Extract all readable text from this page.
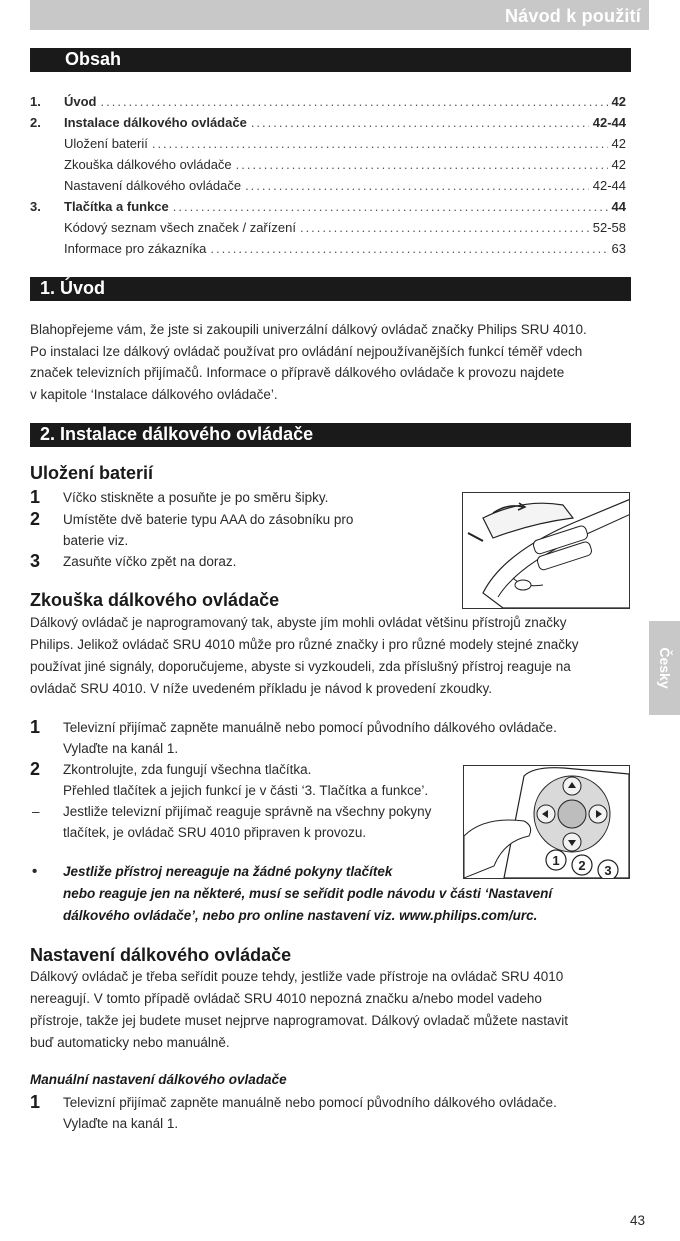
Návod k použití
Obsah
1.	Úvod .....	42
2.	Instalace dálkového ovládače .....	42-44
Uložení baterií .....	42
Zkouška dálkového ovládače .....	42
Nastavení dálkového ovládače .....	42-44
3.	Tlačítka a funkce .....	44
Kódový seznam všech značek / zařízení .....	52-58
Informace pro zákazníka .....	63
1. Úvod
Blahopřejeme vám, že jste si zakoupili univerzální dálkový ovládač značky Philips SRU 4010.
Po instalaci lze dálkový ovládač používat pro ovládání nejpoužívanějších funkcí téměř vdech
značek televizních přijímačů. Informace o přípravě dálkového ovládače k provozu najdete
v kapitole ‘Instalace dálkového ovládače’.
2. Instalace dálkového ovládače
Uložení baterií
1 Víčko stiskněte a posuňte je po směru šipky.
2 Umístěte dvě baterie typu AAA do zásobníku pro
baterie viz.
3 Zasuňte víčko zpět na doraz.
Zkouška dálkového ovládače
Dálkový ovládač je naprogramovaný tak, abyste jím mohli ovládat většinu přístrojů značky
Philips. Jelikož ovládač SRU 4010 může pro různé značky i pro různé modely stejné značky
používat jiné signály, doporučujeme, abyste si vyzkoudeli, zda příslušný přístroj reaguje na
ovládač SRU 4010. V níže uvedeném příkladu je návod k provedení zkoudky.
1 Televizní přijímač zapněte manuálně nebo pomocí původního dálkového ovládače.
Vylaďte na kanál 1.
2 Zkontrolujte, zda fungují všechna tlačítka.
Přehled tlačítek a jejich funkcí je v části ‘3. Tlačítka a funkce’.
– Jestliže televizní přijímač reaguje správně na všechny pokyny
tlačítek, je ovládač SRU 4010 připraven k provozu.
1 2 3
• Jestliže přístroj nereaguje na žádné pokyny tlačítek
nebo reaguje jen na některé, musí se seřídit podle návodu v části ‘Nastavení
dálkového ovládače’, nebo pro online nastavení viz. www.philips.com/urc.
Nastavení dálkového ovládače
Dálkový ovládač je třeba seřídit pouze tehdy, jestliže vade přístroje na ovládač SRU 4010
nereagují. V tomto případě ovládač SRU 4010 nepozná značku a/nebo model vadeho
přístroje, takže jej budete muset nejprve naprogramovat. Dálkový ovladač můžete nastavit
buď automaticky nebo manuálně.
Manuální nastavení dálkového ovladače
1 Televizní přijímač zapněte manuálně nebo pomocí původního dálkového ovládače.
Vylaďte na kanál 1.
Česky
43
